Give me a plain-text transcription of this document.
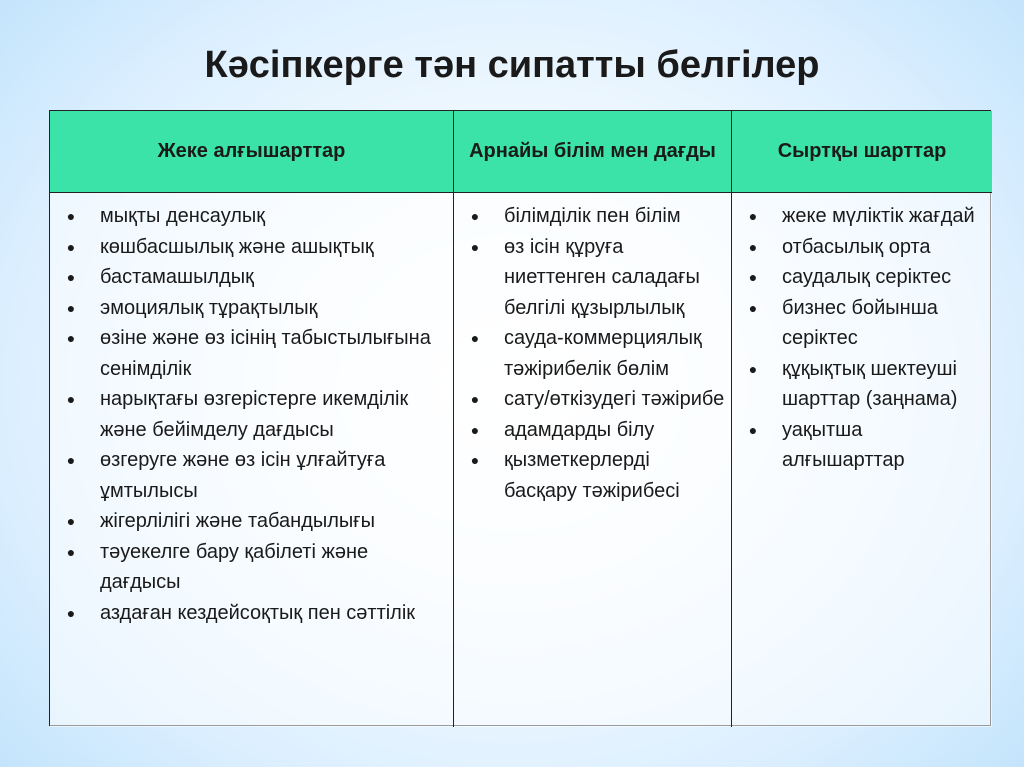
Кәсіпкерге тән сипатты белгілер
Жеке алғышарттар	Арнайы білім мен дағды	Сыртқы шарттар
● мықты денсаулық
● көшбасшылық және ашықтық
● бастамашылдық
● эмоциялық тұрақтылық
● өзіне және өз ісінің табыстылығына сенімділік
● нарықтағы өзгерістерге икемділік және бейімделу дағдысы
● өзгеруге және өз ісін ұлғайтуға ұмтылысы
● жігерлілігі және табандылығы
● тәуекелге бару қабілеті және дағдысы
● аздаған кездейсоқтық пен сәттілік
● білімділік пен білім
● өз ісін құруға ниеттенген саладағы белгілі құзырлылық
● сауда-коммерциялық тәжірибелік бөлім
● сату/өткізудегі тәжірибе
● адамдарды білу
● қызметкерлерді басқару тәжірибесі
● жеке мүліктік жағдай
● отбасылық орта
● саудалық серіктес
● бизнес бойынша серіктес
● құқықтық шектеуші шарттар (заңнама)
● уақытша алғышарттар
